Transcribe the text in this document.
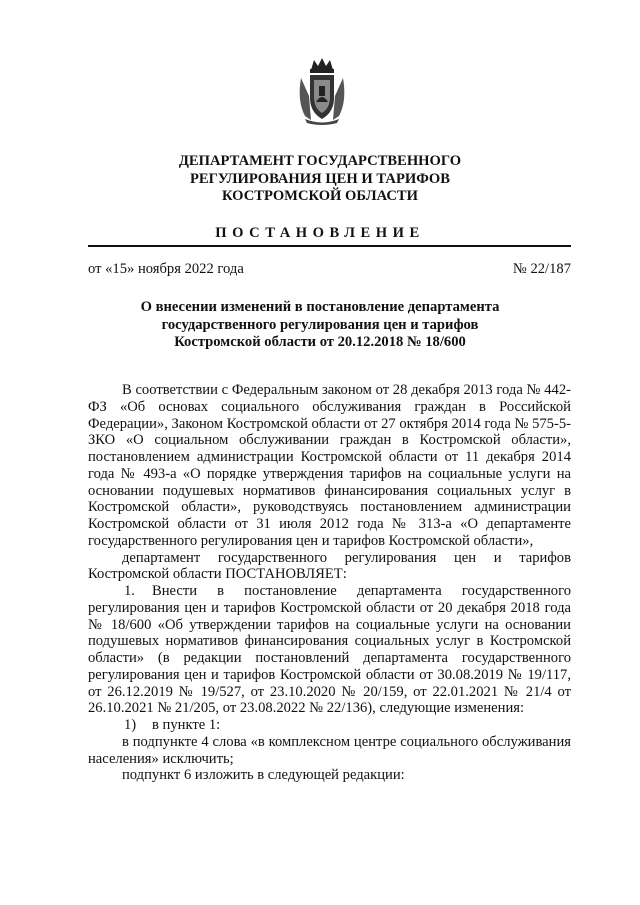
ДЕПАРТАМЕНТ ГОСУДАРСТВЕННОГО
РЕГУЛИРОВАНИЯ ЦЕН И ТАРИФОВ
КОСТРОМСКОЙ ОБЛАСТИ
ПОСТАНОВЛЕНИЕ
от «15» ноября 2022 года	№ 22/187
О внесении изменений в постановление департамента
государственного регулирования цен и тарифов
Костромской области от 20.12.2018 № 18/600

В соответствии с Федеральным законом от 28 декабря 2013 года № 442-ФЗ «Об основах социального обслуживания граждан в Российской Федерации», Законом Костромской области от 27 октября 2014 года № 575-5-ЗКО «О социальном обслуживании граждан в Костромской области», постановлением администрации Костромской области от 11 декабря 2014 года № 493-а «О порядке утверждения тарифов на социальные услуги на основании подушевых нормативов финансирования социальных услуг в Костромской области», руководствуясь постановлением администрации Костромской области от 31 июля 2012 года № 313-а «О департаменте государственного регулирования цен и тарифов Костромской области»,

департамент государственного регулирования цен и тарифов Костромской области ПОСТАНОВЛЯЕТ:

1. Внести в постановление департамента государственного регулирования цен и тарифов Костромской области от 20 декабря 2018 года № 18/600 «Об утверждении тарифов на социальные услуги на основании подушевых нормативов финансирования социальных услуг в Костромской области» (в редакции постановлений департамента государственного регулирования цен и тарифов Костромской области от 30.08.2019 № 19/117, от 26.12.2019 № 19/527, от 23.10.2020 № 20/159, от 22.01.2021 № 21/4 от 26.10.2021 № 21/205, от 23.08.2022 № 22/136), следующие изменения:

1) в пункте 1:

в подпункте 4 слова «в комплексном центре социального обслуживания населения» исключить;

подпункт 6 изложить в следующей редакции:
